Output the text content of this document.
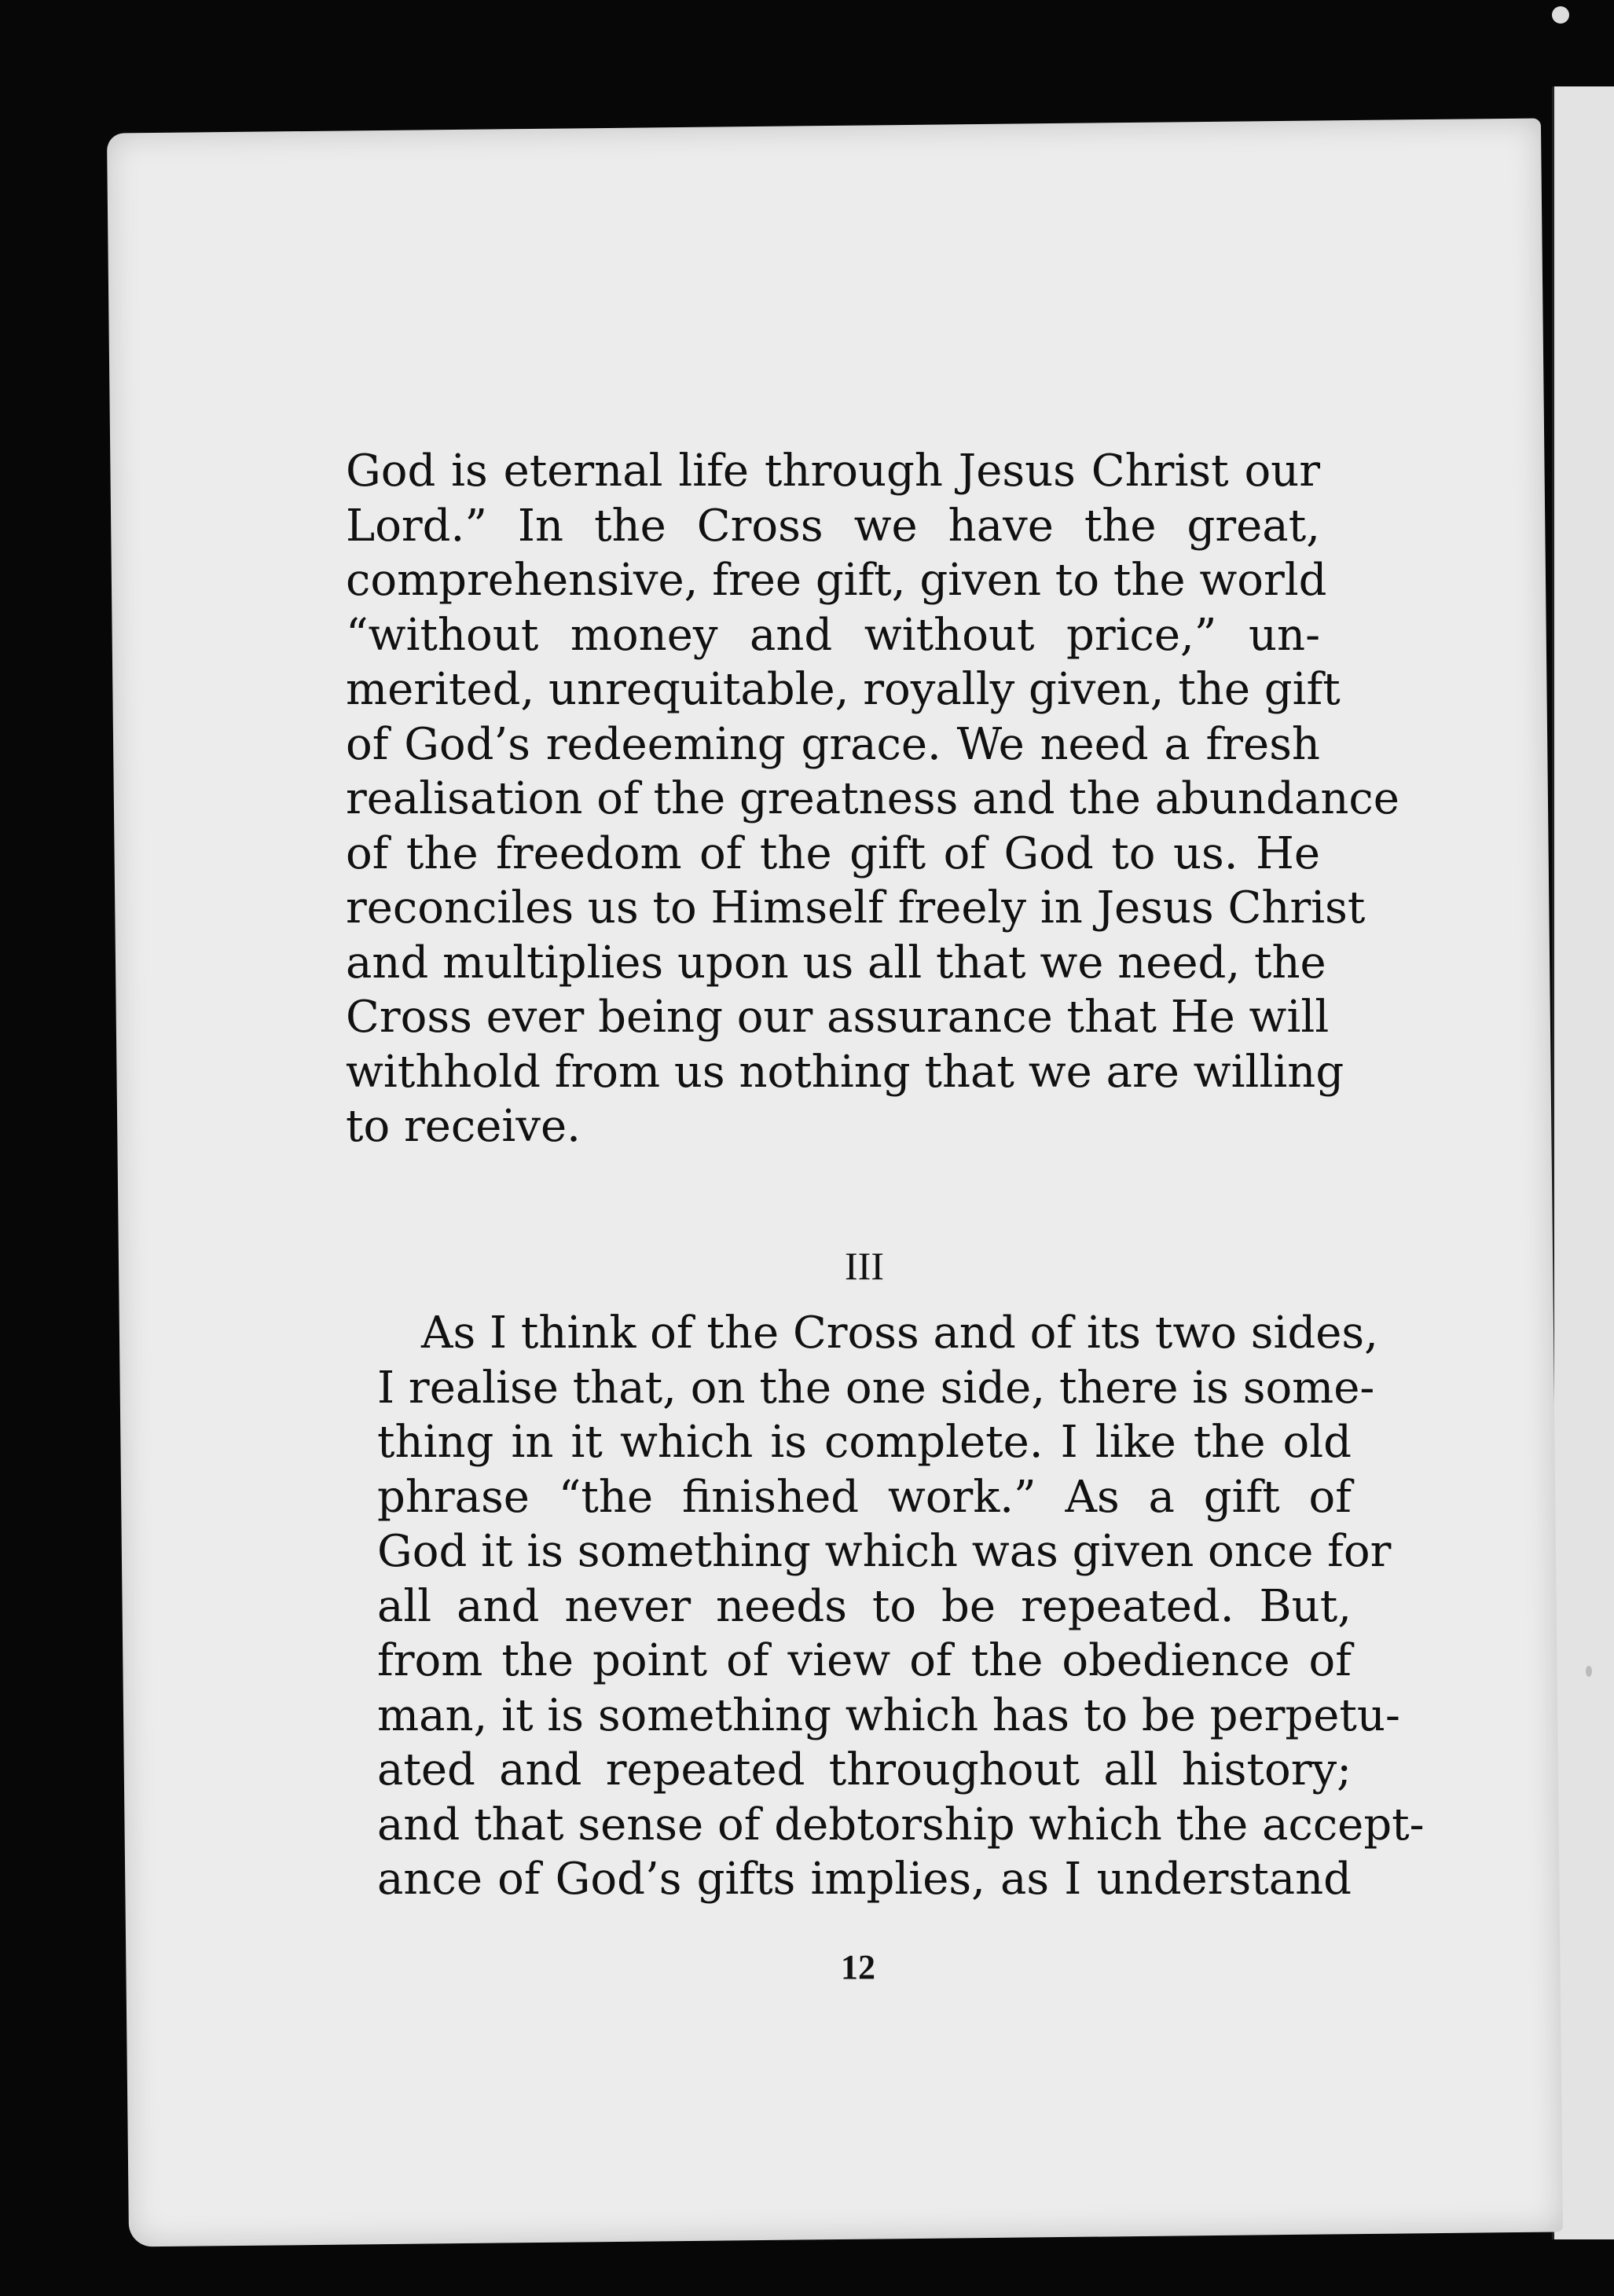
God is eternal life through Jesus Christ our
Lord.” In the Cross we have the great,
comprehensive, free gift, given to the world
“without money and without price,” un-
merited, unrequitable, royally given, the gift
of God’s redeeming grace. We need a fresh
realisation of the greatness and the abundance
of the freedom of the gift of God to us. He
reconciles us to Himself freely in Jesus Christ
and multiplies upon us all that we need, the
Cross ever being our assurance that He will
withhold from us nothing that we are willing
to receive.
III
As I think of the Cross and of its two sides,
I realise that, on the one side, there is some-
thing in it which is complete. I like the old
phrase “the finished work.” As a gift of
God it is something which was given once for
all and never needs to be repeated. But,
from the point of view of the obedience of
man, it is something which has to be perpetu-
ated and repeated throughout all history;
and that sense of debtorship which the accept-
ance of God’s gifts implies, as I understand
12
